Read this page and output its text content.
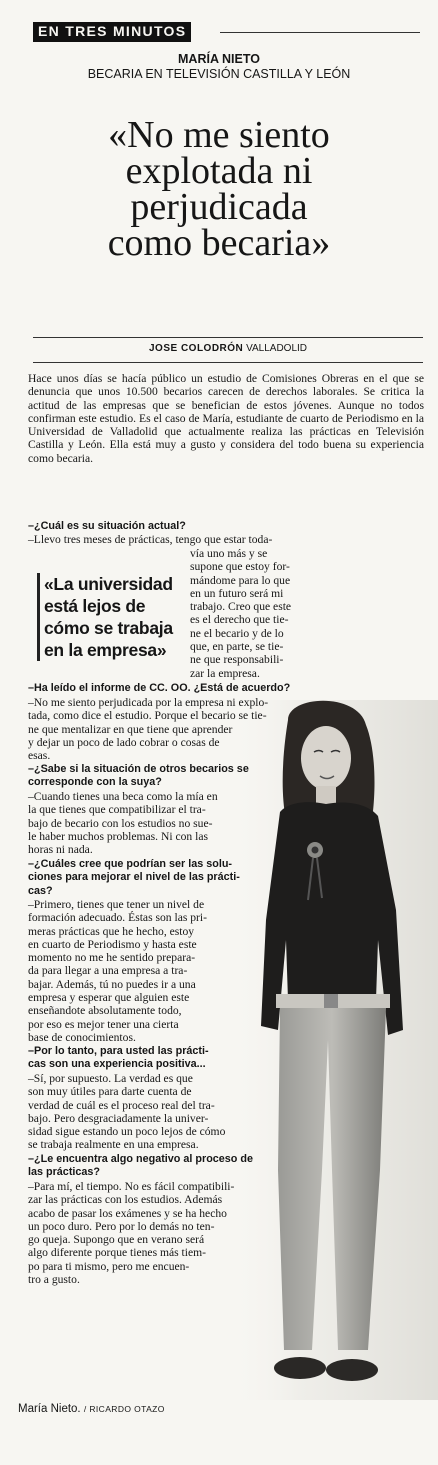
EN TRES MINUTOS
MARÍA NIETO
BECARIA EN TELEVISIÓN CASTILLA Y LEÓN
«No me siento
explotada ni
perjudicada
como becaria»
JOSE COLODRÓN VALLADOLID
Hace unos días se hacía público un estudio de Comisiones Obreras en el que se denuncia que unos 10.500 becarios carecen de derechos laborales. Se critica la actitud de las empresas que se benefician de estos jóvenes. Aunque no todos confirman este estudio. Es el caso de María, estudiante de cuarto de Periodismo en la Universidad de Valladolid que actualmente realiza las prácticas en Televisión Castilla y León. Ella está muy a gusto y considera del todo buena su experiencia como becaria.
–¿Cuál es su situación actual?
–Llevo tres meses de prácticas, tengo que estar toda-
vía uno más y se
supone que estoy for-
mándome para lo que
en un futuro será mi
trabajo. Creo que este
es el derecho que tie-
ne el becario y de lo
que, en parte, se tie-
ne que responsabili-
zar la empresa.
«La universidad
está lejos de
cómo se trabaja
en la empresa»
–Ha leído el informe de CC. OO. ¿Está de acuerdo?
–No me siento perjudicada por la empresa ni explo-
tada, como dice el estudio. Porque el becario se tie-
ne que mentalizar en que tiene que aprender
y dejar un poco de lado cobrar o cosas de
esas.
–¿Sabe si la situación de otros becarios se
corresponde con la suya?
–Cuando tienes una beca como la mía en
la que tienes que compatibilizar el tra-
bajo de becario con los estudios no sue-
le haber muchos problemas. Ni con las
horas ni nada.
–¿Cuáles cree que podrían ser las solu-
ciones para mejorar el nivel de las prácti-
cas?
–Primero, tienes que tener un nivel de
formación adecuado. Éstas son las pri-
meras prácticas que he hecho, estoy
en cuarto de Periodismo y hasta este
momento no me he sentido prepara-
da para llegar a una empresa a tra-
bajar. Además, tú no puedes ir a una
empresa y esperar que alguien este
enseñandote absolutamente todo,
por eso es mejor tener una cierta
base de conocimientos.
–Por lo tanto, para usted las prácti-
cas son una experiencia positiva...
–Sí, por supuesto. La verdad es que
son muy útiles para darte cuenta de
verdad de cuál es el proceso real del tra-
bajo. Pero desgraciadamente la univer-
sidad sigue estando un poco lejos de cómo
se trabaja realmente en una empresa.
–¿Le encuentra algo negativo al proceso de
las prácticas?
–Para mí, el tiempo. No es fácil compatibili-
zar las prácticas con los estudios. Además
acabo de pasar los exámenes y se ha hecho
un poco duro. Pero por lo demás no ten-
go queja. Supongo que en verano será
algo diferente porque tienes más tiem-
po para ti mismo, pero me encuen-
tro a gusto.
María Nieto. / RICARDO OTAZO
